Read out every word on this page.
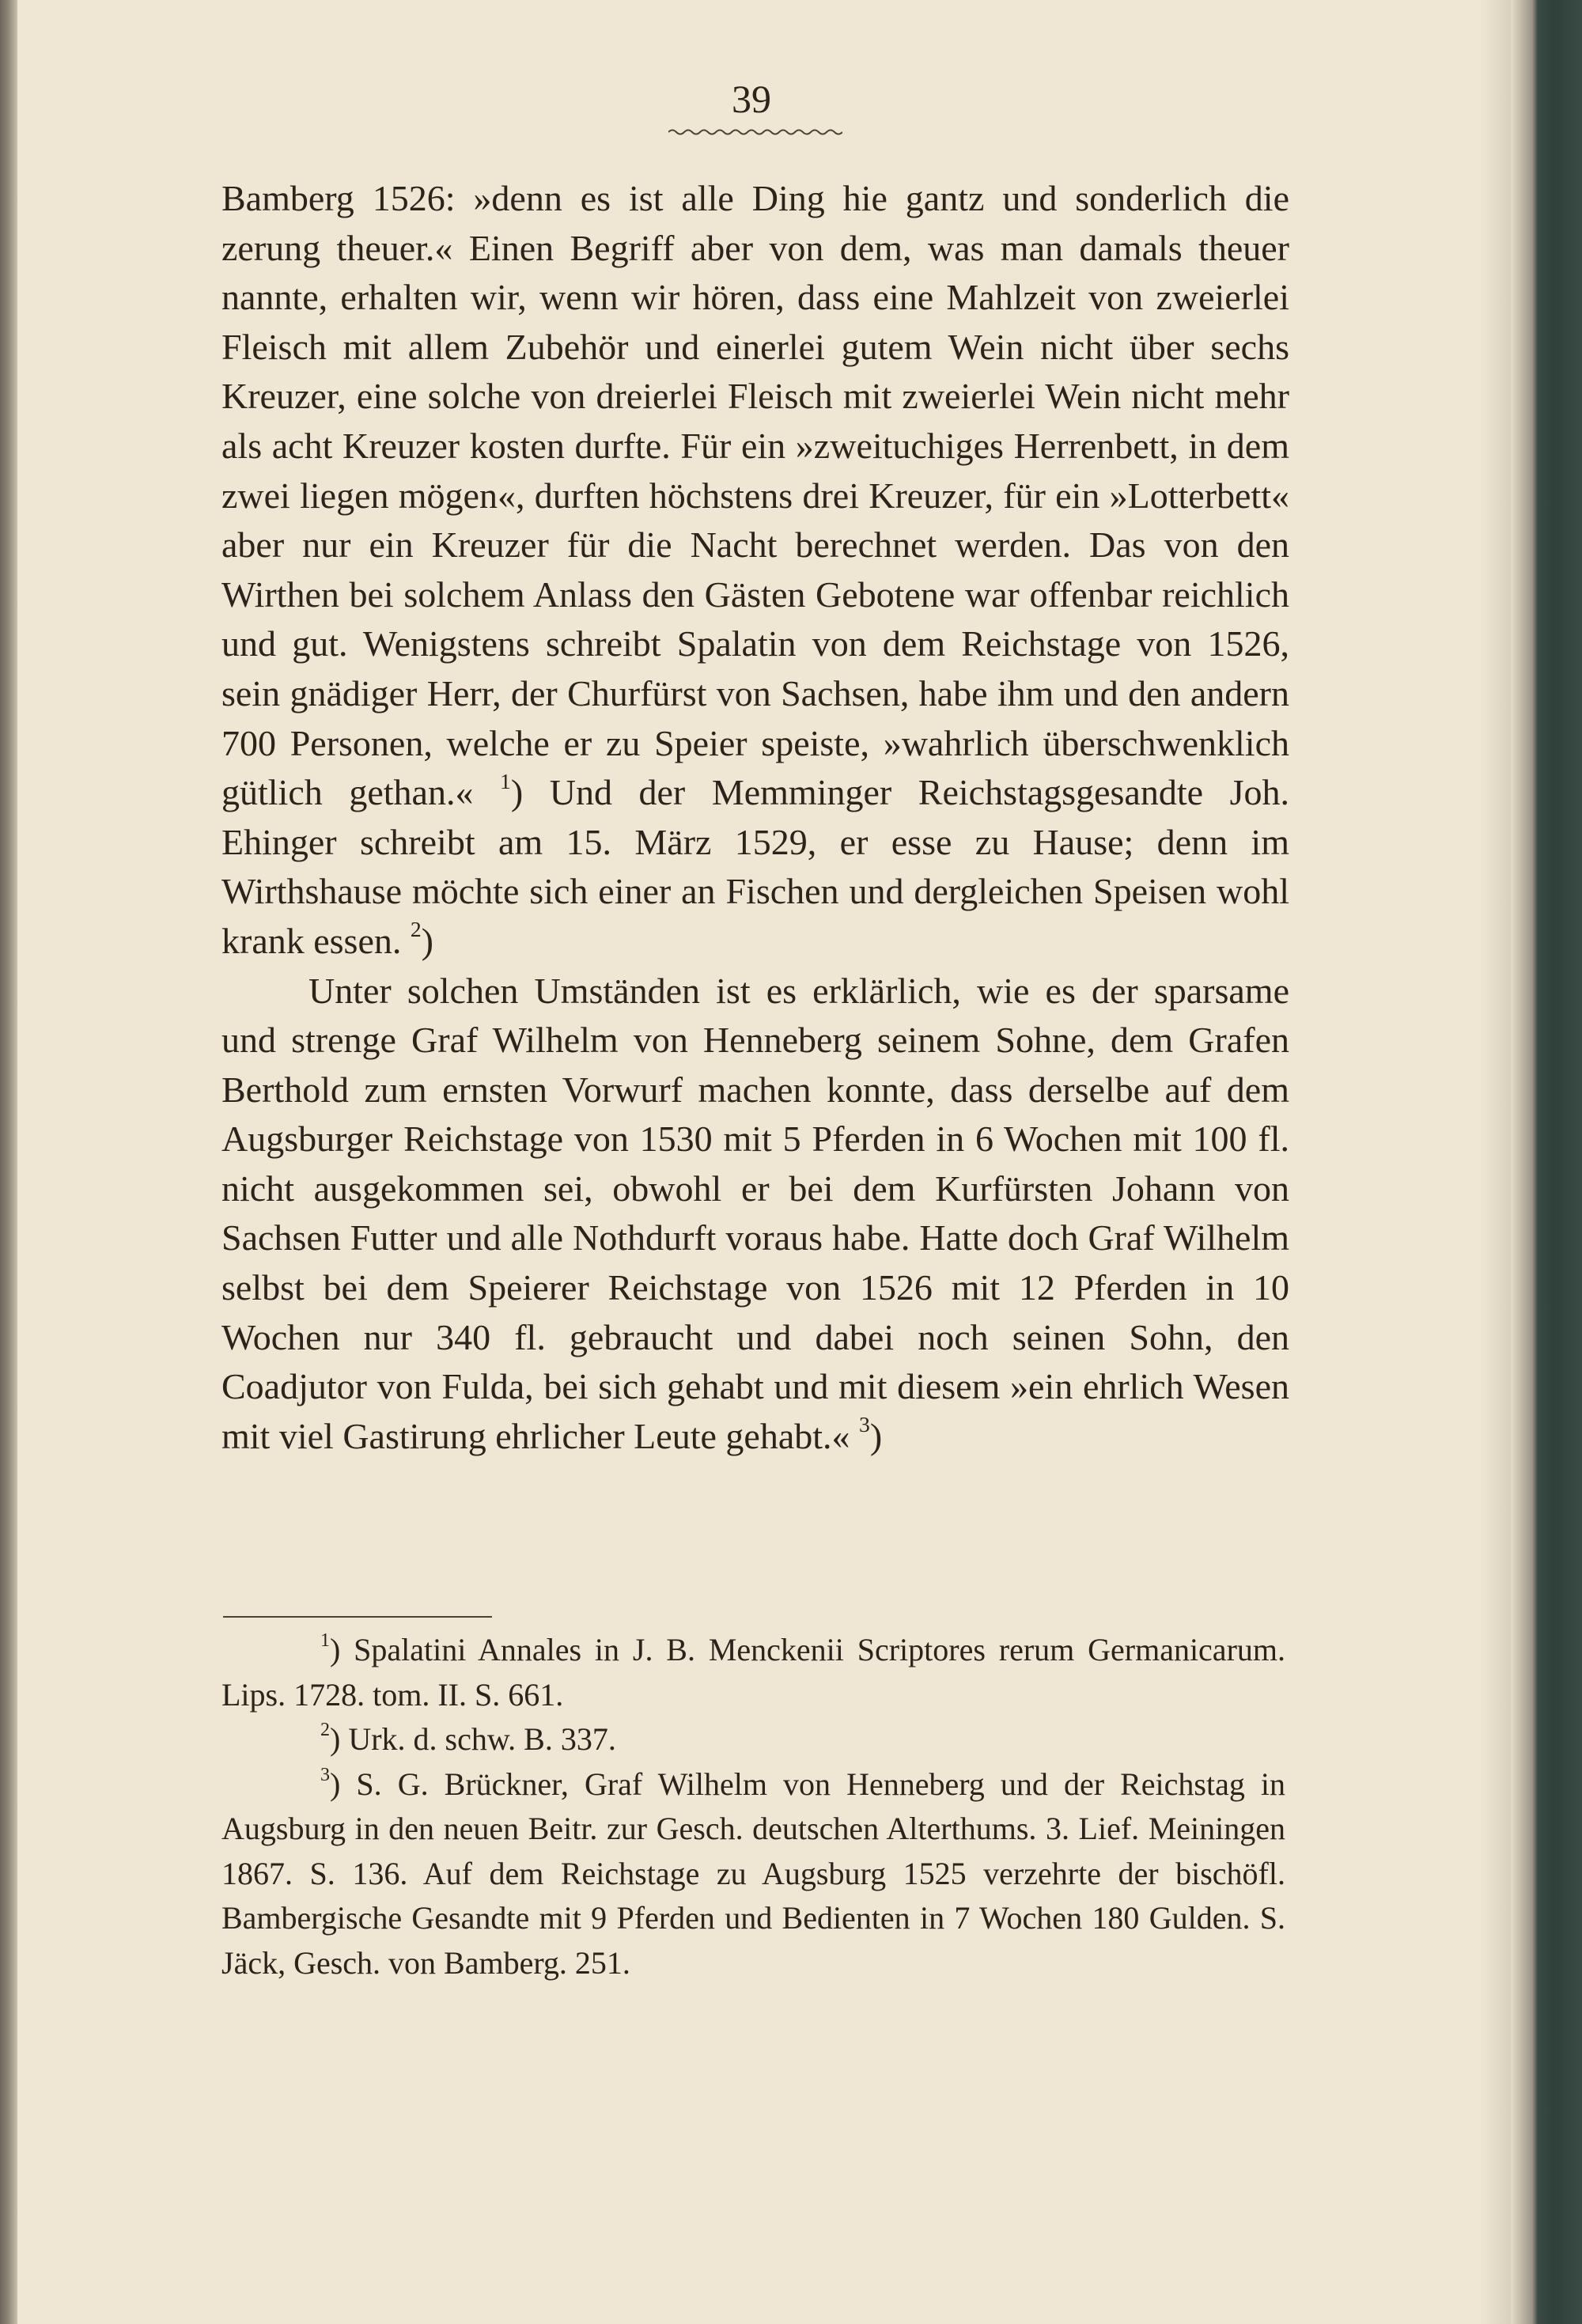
39

Bamberg 1526: »denn es ist alle Ding hie gantz und sonderlich die zerung theuer.« Einen Begriff aber von dem, was man damals theuer nannte, erhalten wir, wenn wir hören, dass eine Mahlzeit von zweierlei Fleisch mit allem Zubehör und einerlei gutem Wein nicht über sechs Kreuzer, eine solche von dreierlei Fleisch mit zweierlei Wein nicht mehr als acht Kreuzer kosten durfte. Für ein »zweituchiges Herrenbett, in dem zwei liegen mögen«, durften höchstens drei Kreuzer, für ein »Lotterbett« aber nur ein Kreuzer für die Nacht berechnet werden. Das von den Wirthen bei solchem Anlass den Gästen Gebotene war offenbar reichlich und gut. Wenigstens schreibt Spalatin von dem Reichstage von 1526, sein gnädiger Herr, der Churfürst von Sachsen, habe ihm und den andern 700 Personen, welche er zu Speier speiste, »wahrlich überschwenklich gütlich gethan.« $^1$) Und der Memminger Reichstagsgesandte Joh. Ehinger schreibt am 15. März 1529, er esse zu Hause; denn im Wirthshause möchte sich einer an Fischen und dergleichen Speisen wohl krank essen. $^2$)

Unter solchen Umständen ist es erklärlich, wie es der sparsame und strenge Graf Wilhelm von Henneberg seinem Sohne, dem Grafen Berthold zum ernsten Vorwurf machen konnte, dass derselbe auf dem Augsburger Reichstage von 1530 mit 5 Pferden in 6 Wochen mit 100 fl. nicht ausgekommen sei, obwohl er bei dem Kurfürsten Johann von Sachsen Futter und alle Nothdurft voraus habe. Hatte doch Graf Wilhelm selbst bei dem Speierer Reichstage von 1526 mit 12 Pferden in 10 Wochen nur 340 fl. gebraucht und dabei noch seinen Sohn, den Coadjutor von Fulda, bei sich gehabt und mit diesem »ein ehrlich Wesen mit viel Gastirung ehrlicher Leute gehabt.« $^3$)

$^1$) Spalatini Annales in J. B. Menckenii Scriptores rerum Germanicarum. Lips. 1728. tom. II. S. 661.

$^2$) Urk. d. schw. B. 337.

$^3$) S. G. Brückner, Graf Wilhelm von Henneberg und der Reichstag in Augsburg in den neuen Beitr. zur Gesch. deutschen Alterthums. 3. Lief. Meiningen 1867. S. 136. Auf dem Reichstage zu Augsburg 1525 verzehrte der bischöfl. Bambergische Gesandte mit 9 Pferden und Bedienten in 7 Wochen 180 Gulden. S. Jäck, Gesch. von Bamberg. 251.
